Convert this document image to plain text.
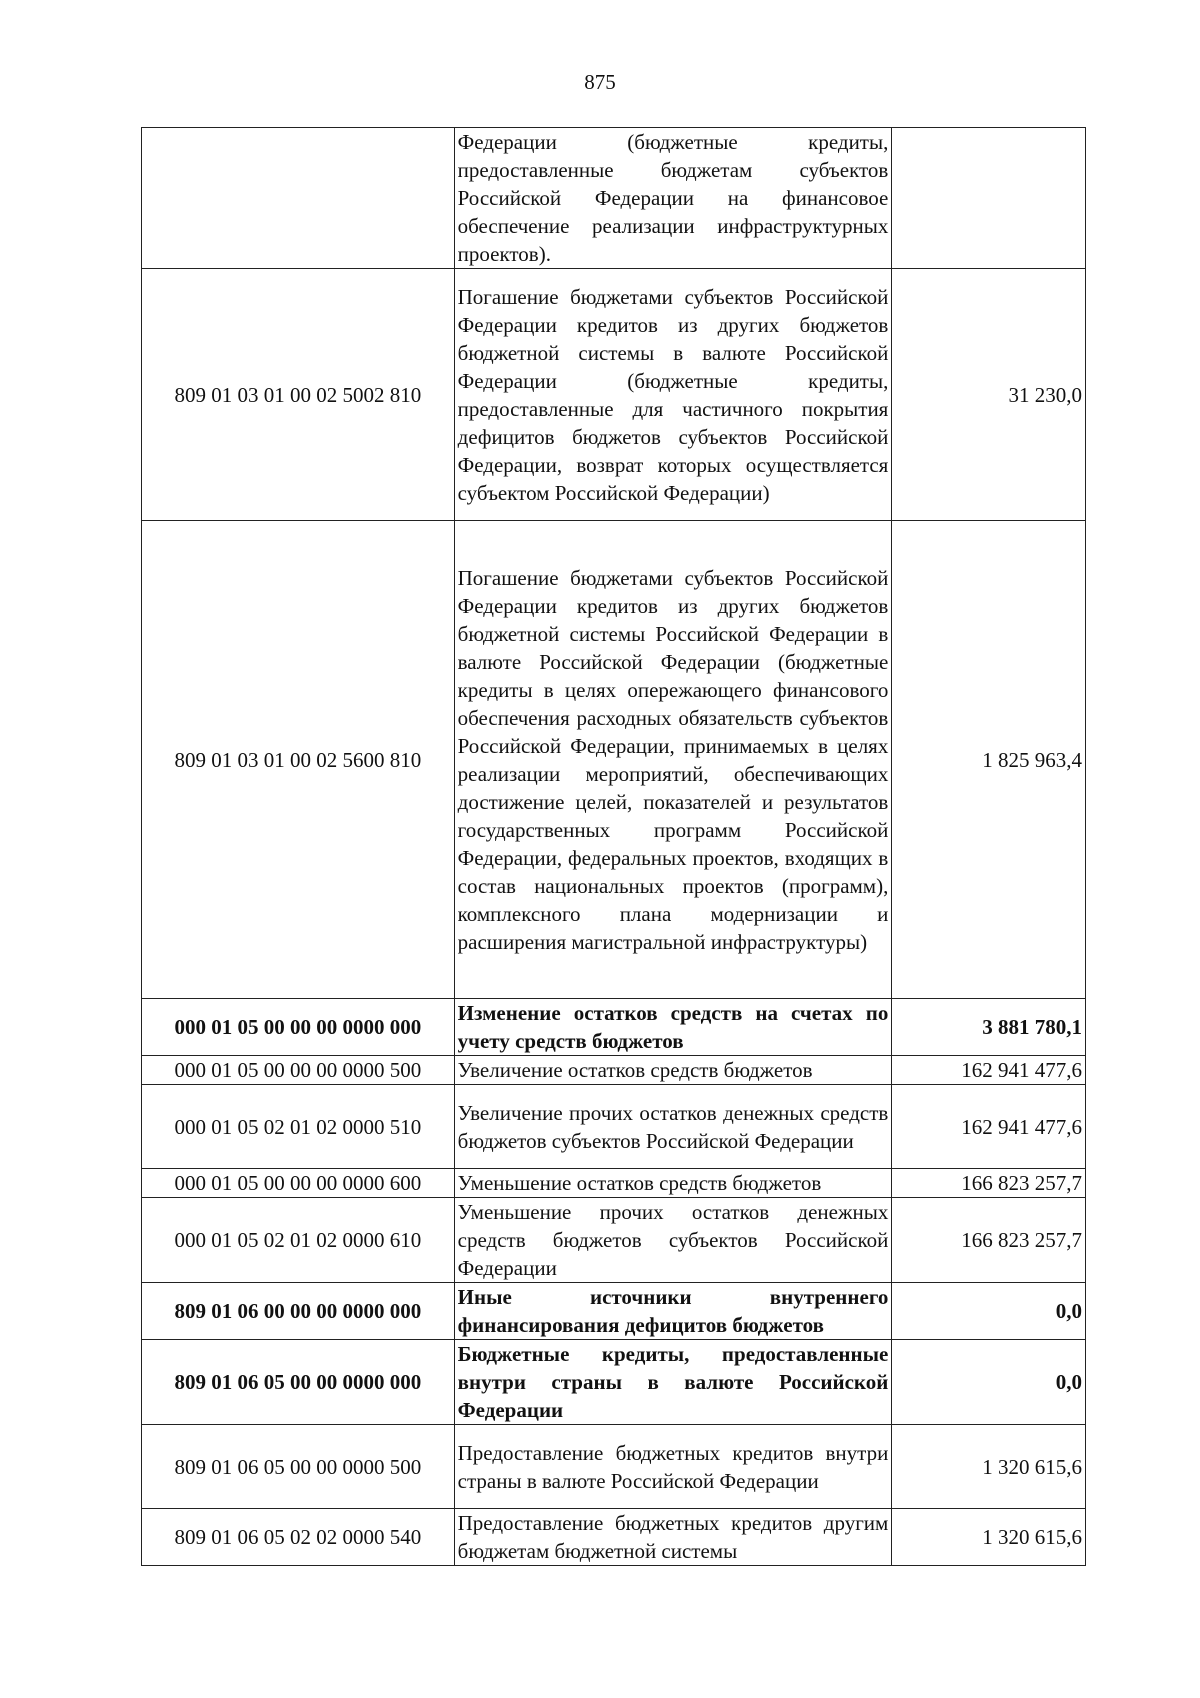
875
	Федерации (бюджетные кредиты, предоставленные бюджетам субъектов Российской Федерации на финансовое обеспечение реализации инфраструктурных проектов).	
809 01 03 01 00 02 5002 810	Погашение бюджетами субъектов Российской Федерации кредитов из других бюджетов бюджетной системы в валюте Российской Федерации (бюджетные кредиты, предоставленные для частичного покрытия дефицитов бюджетов субъектов Российской Федерации, возврат которых осуществляется субъектом Российской Федерации)	31 230,0
809 01 03 01 00 02 5600 810	Погашение бюджетами субъектов Российской Федерации кредитов из других бюджетов бюджетной системы Российской Федерации в валюте Российской Федерации (бюджетные кредиты в целях опережающего финансового обеспечения расходных обязательств субъектов Российской Федерации, принимаемых в целях реализации мероприятий, обеспечивающих достижение целей, показателей и результатов государственных программ Российской Федерации, федеральных проектов, входящих в состав национальных проектов (программ), комплексного плана модернизации и расширения магистральной инфраструктуры)	1 825 963,4
000 01 05 00 00 00 0000 000	Изменение остатков средств на счетах по учету средств бюджетов	3 881 780,1
000 01 05 00 00 00 0000 500	Увеличение остатков средств бюджетов	162 941 477,6
000 01 05 02 01 02 0000 510	Увеличение прочих остатков денежных средств бюджетов субъектов Российской Федерации	162 941 477,6
000 01 05 00 00 00 0000 600	Уменьшение остатков средств бюджетов	166 823 257,7
000 01 05 02 01 02 0000 610	Уменьшение прочих остатков денежных средств бюджетов субъектов Российской Федерации	166 823 257,7
809 01 06 00 00 00 0000 000	Иные источники внутреннего финансирования дефицитов бюджетов	0,0
809 01 06 05 00 00 0000 000	Бюджетные кредиты, предоставленные внутри страны в валюте Российской Федерации	0,0
809 01 06 05 00 00 0000 500	Предоставление бюджетных кредитов внутри страны в валюте Российской Федерации	1 320 615,6
809 01 06 05 02 02 0000 540	Предоставление бюджетных кредитов другим бюджетам бюджетной системы	1 320 615,6
